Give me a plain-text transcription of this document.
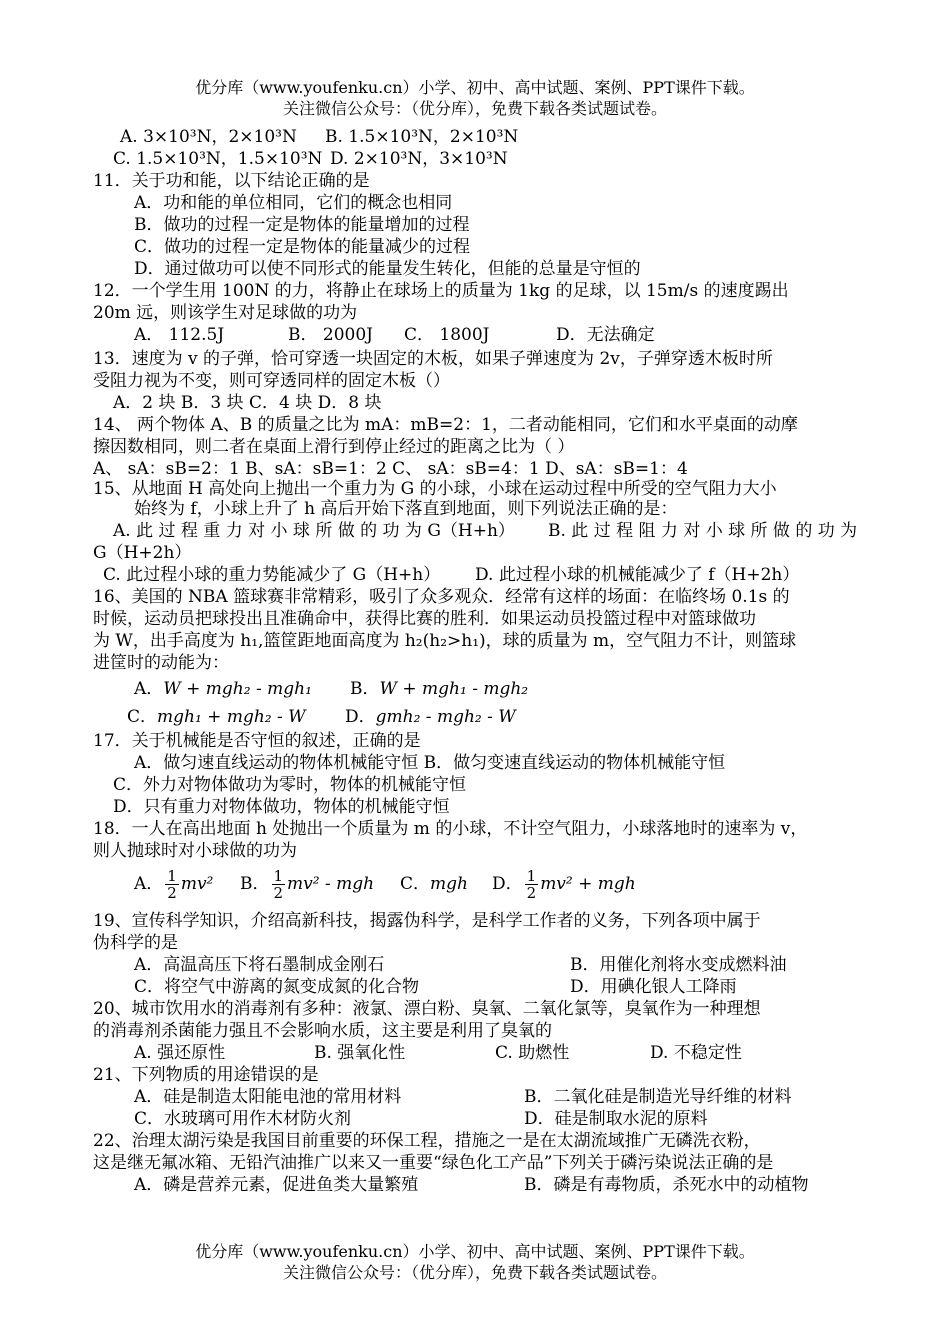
优分库（www.youfenku.cn）小学、初中、高中试题、案例、PPT课件下载。
关注微信公众号：（优分库），免费下载各类试题试卷。
A. 3×10³N，2×10³N B. 1.5×10³N，2×10³N
C. 1.5×10³N，1.5×10³N D. 2×10³N，3×10³N
11．关于功和能，以下结论正确的是
A．功和能的单位相同，它们的概念也相同
B．做功的过程一定是物体的能量增加的过程
C．做功的过程一定是物体的能量减少的过程
D．通过做功可以使不同形式的能量发生转化，但能的总量是守恒的
12．一个学生用 100N 的力，将静止在球场上的质量为 1kg 的足球，以 15m/s 的速度踢出
20m 远，则该学生对足球做的功为
A． 112.5J	B． 2000J C． 1800J	D．无法确定
13．速度为 v 的子弹，恰可穿透一块固定的木板，如果子弹速度为 2v，子弹穿透木板时所
受阻力视为不变，则可穿透同样的固定木板（）
A．2 块 B．3 块 C．4 块 D．8 块
14、 两个物体 A、B 的质量之比为 mA：mB=2：1，二者动能相同，它们和水平桌面的动摩
擦因数相同，则二者在桌面上滑行到停止经过的距离之比为（ ）
A、 sA：sB=2：1 B、sA：sB=1：2 C、 sA：sB=4：1 D、sA：sB=1：4
15、从地面 H 高处向上抛出一个重力为 G 的小球，小球在运动过程中所受的空气阻力大小
始终为 f，小球上升了 h 高后开始下落直到地面，则下列说法正确的是：
A. 此 过 程 重 力 对 小 球 所 做 的 功 为 G（H+h） B. 此 过 程 阻 力 对 小 球 所 做 的 功 为
G（H+2h）
C. 此过程小球的重力势能减少了 G（H+h） D. 此过程小球的机械能减少了 f（H+2h）
16、美国的 NBA 篮球赛非常精彩，吸引了众多观众．经常有这样的场面：在临终场 0.1s 的
时候，运动员把球投出且准确命中，获得比赛的胜利．如果运动员投篮过程中对篮球做功
为 W，出手高度为 h₁,篮筐距地面高度为 h₂(h₂>h₁)，球的质量为 m，空气阻力不计，则篮球
进筐时的动能为：
A．W + mgh₂ - mgh₁ B．W + mgh₁ - mgh₂
C．mgh₁ + mgh₂ - W D．gmh₂ - mgh₂ - W
17．关于机械能是否守恒的叙述，正确的是
A．做匀速直线运动的物体机械能守恒 B．做匀变速直线运动的物体机械能守恒
C．外力对物体做功为零时，物体的机械能守恒
D．只有重力对物体做功，物体的机械能守恒
18．一人在高出地面 h 处抛出一个质量为 m 的小球，不计空气阻力，小球落地时的速率为 v，
则人抛球时对小球做的功为
A． $\frac{1}{2} mv^2$ B． $\frac{1}{2} mv^2$ - mgh C．mgh D． $\frac{1}{2} mv^2$ + mgh
19、宣传科学知识，介绍高新科技，揭露伪科学，是科学工作者的义务，下列各项中属于
伪科学的是
A．高温高压下将石墨制成金刚石	B．用催化剂将水变成燃料油
C．将空气中游离的氮变成氮的化合物	D．用碘化银人工降雨
20、城市饮用水的消毒剂有多种：液氯、漂白粉、臭氧、二氧化氯等，臭氧作为一种理想
的消毒剂杀菌能力强且不会影响水质，这主要是利用了臭氧的
A. 强还原性	B. 强氧化性	C. 助燃性	D. 不稳定性
21、下列物质的用途错误的是
A．硅是制造太阳能电池的常用材料	B．二氧化硅是制造光导纤维的材料
C．水玻璃可用作木材防火剂	D．硅是制取水泥的原料
22、治理太湖污染是我国目前重要的环保工程，措施之一是在太湖流域推广无磷洗衣粉，
这是继无氟冰箱、无铅汽油推广以来又一重要“绿色化工产品”下列关于磷污染说法正确的是
A．磷是营养元素，促进鱼类大量繁殖	B．磷是有毒物质，杀死水中的动植物
优分库（www.youfenku.cn）小学、初中、高中试题、案例、PPT课件下载。
关注微信公众号：（优分库），免费下载各类试题试卷。
